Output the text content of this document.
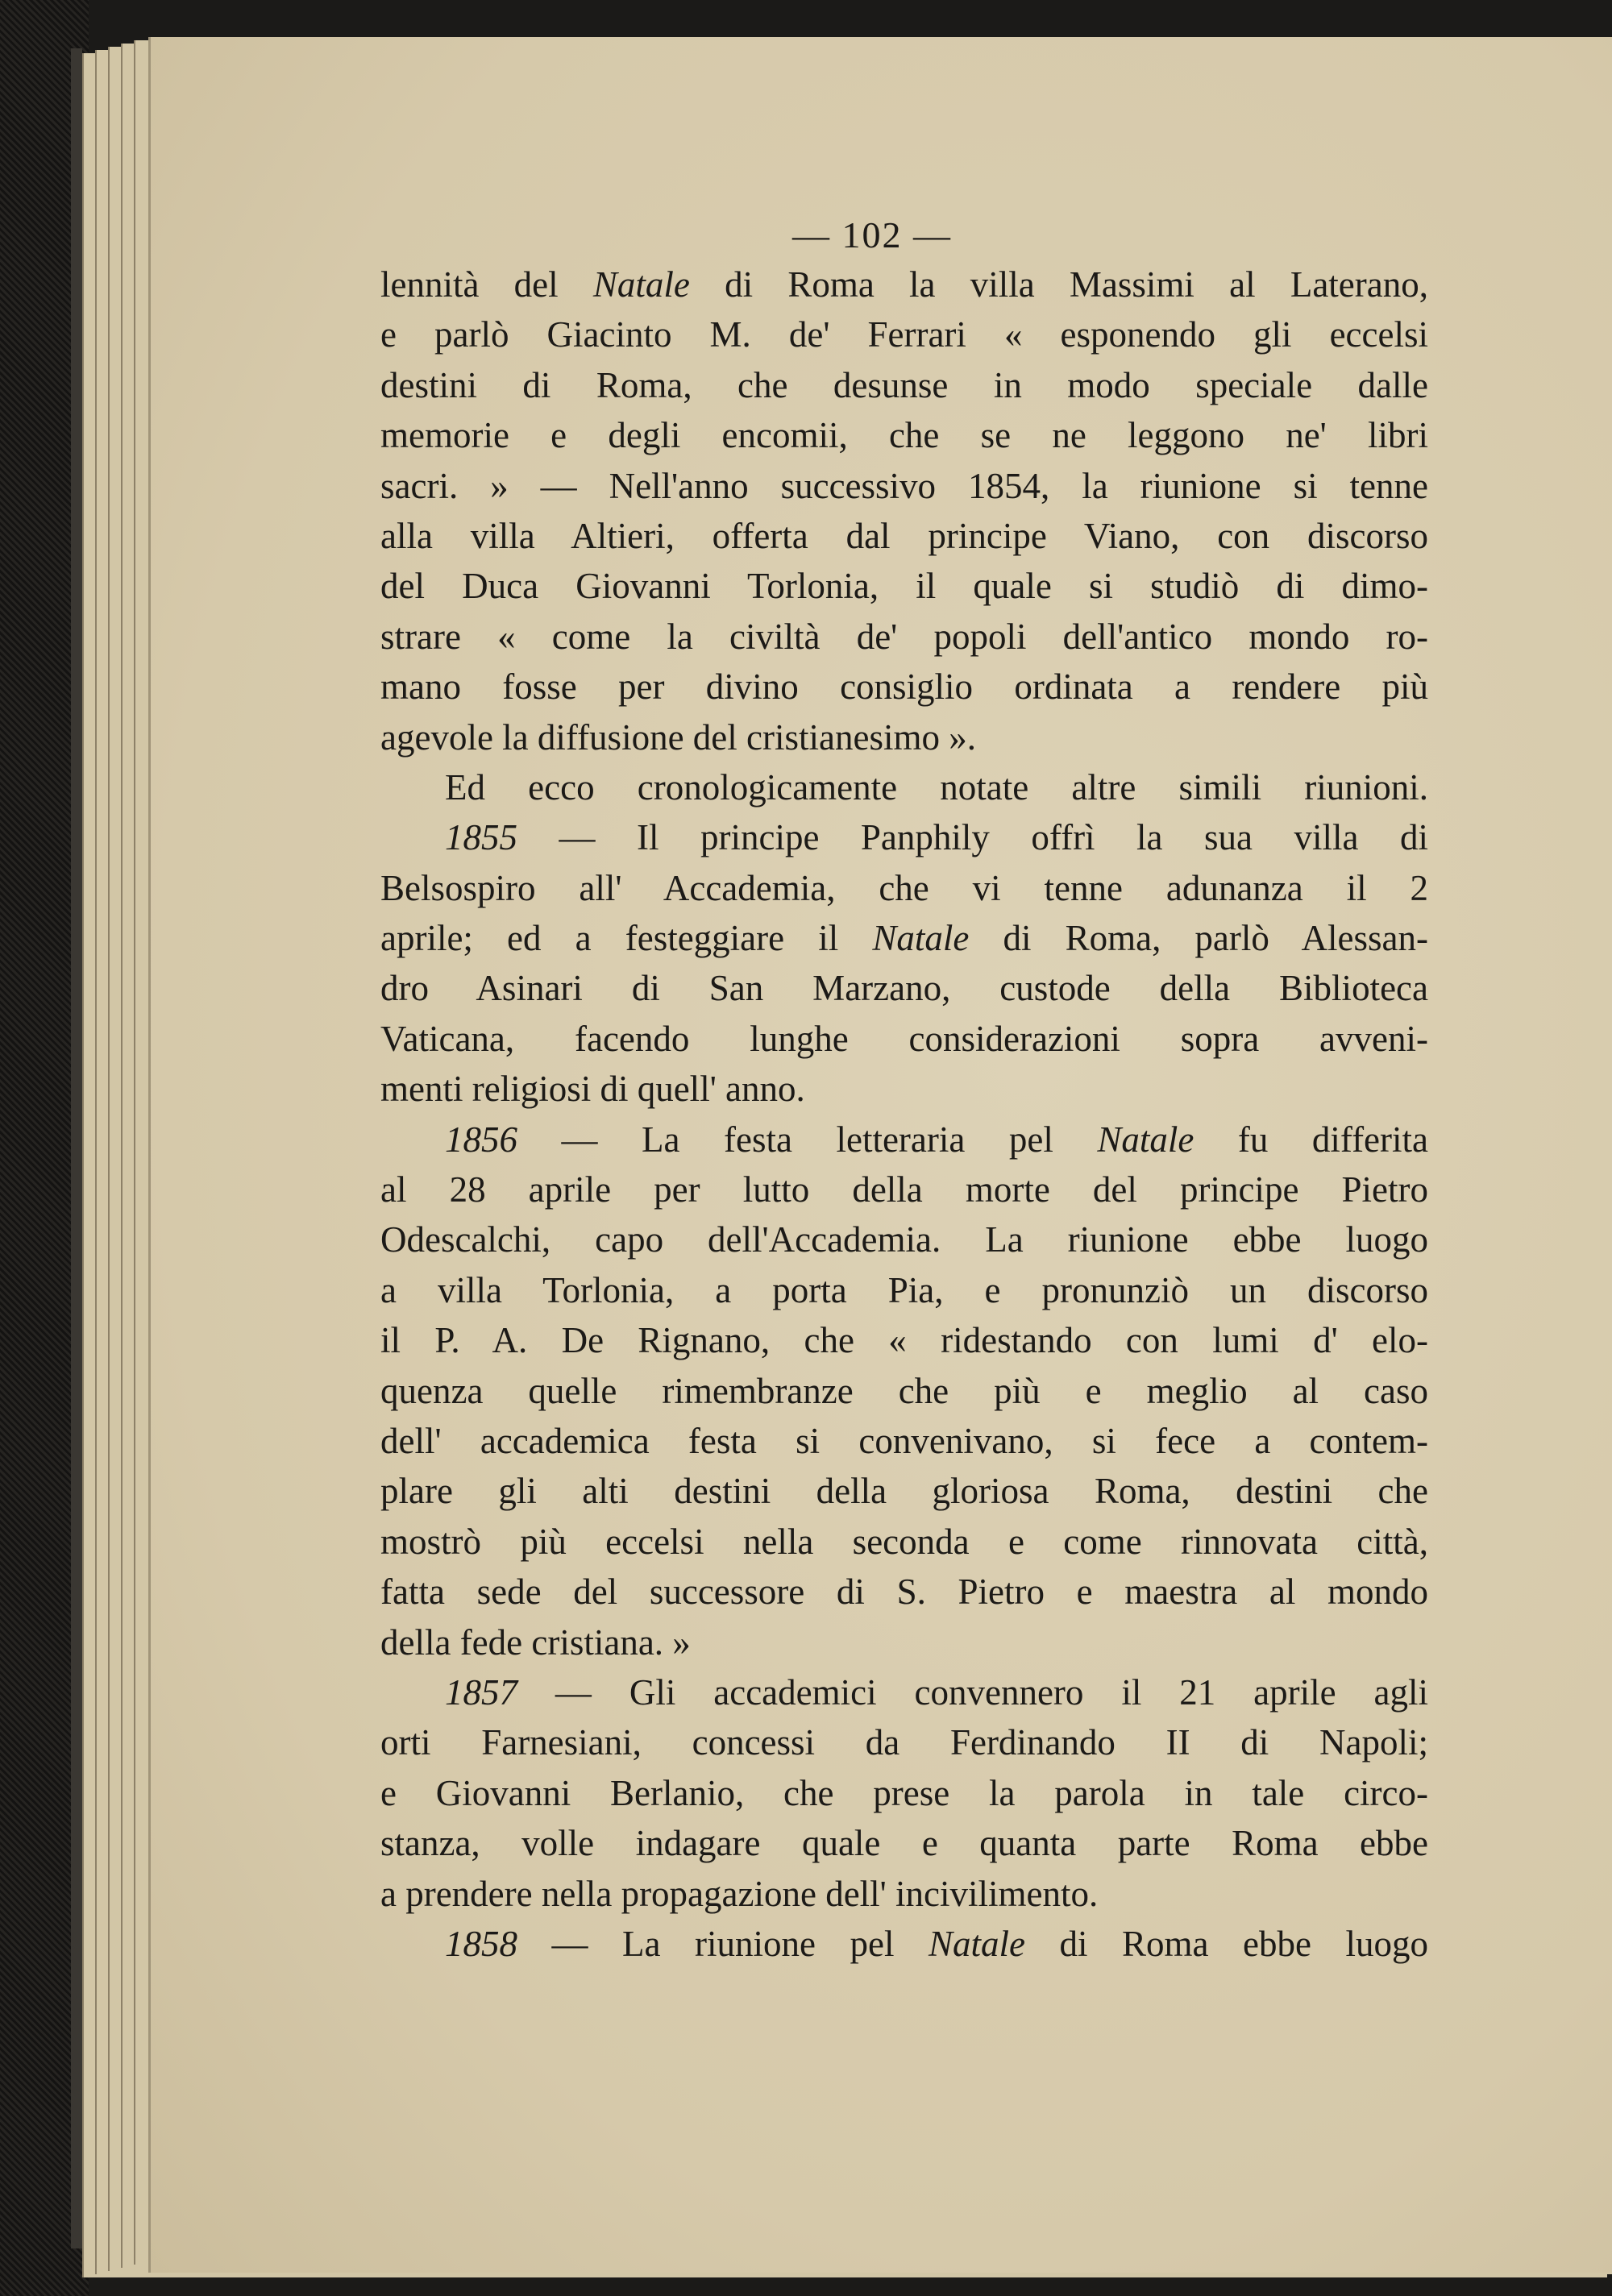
— 102 —
lennità del Natale di Roma la villa Massimi al Laterano,
e parlò Giacinto M. de' Ferrari « esponendo gli eccelsi
destini di Roma, che desunse in modo speciale dalle
memorie e degli encomii, che se ne leggono ne' libri
sacri. » — Nell'anno successivo 1854, la riunione si tenne
alla villa Altieri, offerta dal principe Viano, con discorso
del Duca Giovanni Torlonia, il quale si studiò di dimo-
strare « come la civiltà de' popoli dell'antico mondo ro-
mano fosse per divino consiglio ordinata a rendere più
agevole la diffusione del cristianesimo ».
Ed ecco cronologicamente notate altre simili riunioni.
1855 — Il principe Panphily offrì la sua villa di
Belsospiro all' Accademia, che vi tenne adunanza il 2
aprile; ed a festeggiare il Natale di Roma, parlò Alessan-
dro Asinari di San Marzano, custode della Biblioteca
Vaticana, facendo lunghe considerazioni sopra avveni-
menti religiosi di quell' anno.
1856 — La festa letteraria pel Natale fu differita
al 28 aprile per lutto della morte del principe Pietro
Odescalchi, capo dell'Accademia. La riunione ebbe luogo
a villa Torlonia, a porta Pia, e pronunziò un discorso
il P. A. De Rignano, che « ridestando con lumi d' elo-
quenza quelle rimembranze che più e meglio al caso
dell' accademica festa si convenivano, si fece a contem-
plare gli alti destini della gloriosa Roma, destini che
mostrò più eccelsi nella seconda e come rinnovata città,
fatta sede del successore di S. Pietro e maestra al mondo
della fede cristiana. »
1857 — Gli accademici convennero il 21 aprile agli
orti Farnesiani, concessi da Ferdinando II di Napoli;
e Giovanni Berlanio, che prese la parola in tale circo-
stanza, volle indagare quale e quanta parte Roma ebbe
a prendere nella propagazione dell' incivilimento.
1858 — La riunione pel Natale di Roma ebbe luogo
